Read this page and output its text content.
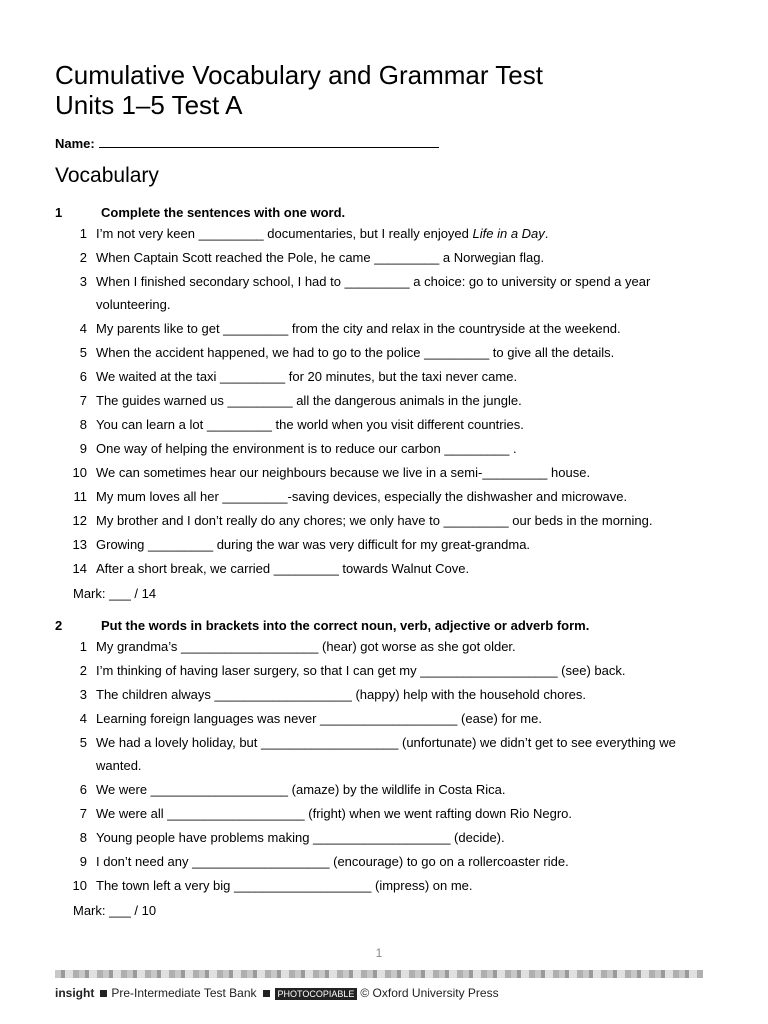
Cumulative Vocabulary and Grammar Test
Units 1–5 Test A
Name:
Vocabulary
1	Complete the sentences with one word.
1 I’m not very keen _________ documentaries, but I really enjoyed Life in a Day.
2 When Captain Scott reached the Pole, he came _________ a Norwegian flag.
3 When I finished secondary school, I had to _________ a choice: go to university or spend a year volunteering.
4 My parents like to get _________ from the city and relax in the countryside at the weekend.
5 When the accident happened, we had to go to the police _________ to give all the details.
6 We waited at the taxi _________ for 20 minutes, but the taxi never came.
7 The guides warned us _________ all the dangerous animals in the jungle.
8 You can learn a lot _________ the world when you visit different countries.
9 One way of helping the environment is to reduce our carbon _________ .
10 We can sometimes hear our neighbours because we live in a semi-_________ house.
11 My mum loves all her _________-saving devices, especially the dishwasher and microwave.
12 My brother and I don’t really do any chores; we only have to _________ our beds in the morning.
13 Growing _________ during the war was very difficult for my great-grandma.
14 After a short break, we carried _________ towards Walnut Cove.
Mark: ___ / 14
2	Put the words in brackets into the correct noun, verb, adjective or adverb form.
1 My grandma’s ___________________ (hear) got worse as she got older.
2 I’m thinking of having laser surgery, so that I can get my ___________________ (see) back.
3 The children always ___________________ (happy) help with the household chores.
4 Learning foreign languages was never ___________________ (ease) for me.
5 We had a lovely holiday, but ___________________ (unfortunate) we didn’t get to see everything we wanted.
6 We were ___________________ (amaze) by the wildlife in Costa Rica.
7 We were all ___________________ (fright) when we went rafting down Rio Negro.
8 Young people have problems making ___________________ (decide).
9 I don’t need any ___________________ (encourage) to go on a rollercoaster ride.
10 The town left a very big ___________________ (impress) on me.
Mark: ___ / 10
1
insight Pre-Intermediate Test Bank PHOTOCOPIABLE © Oxford University Press
